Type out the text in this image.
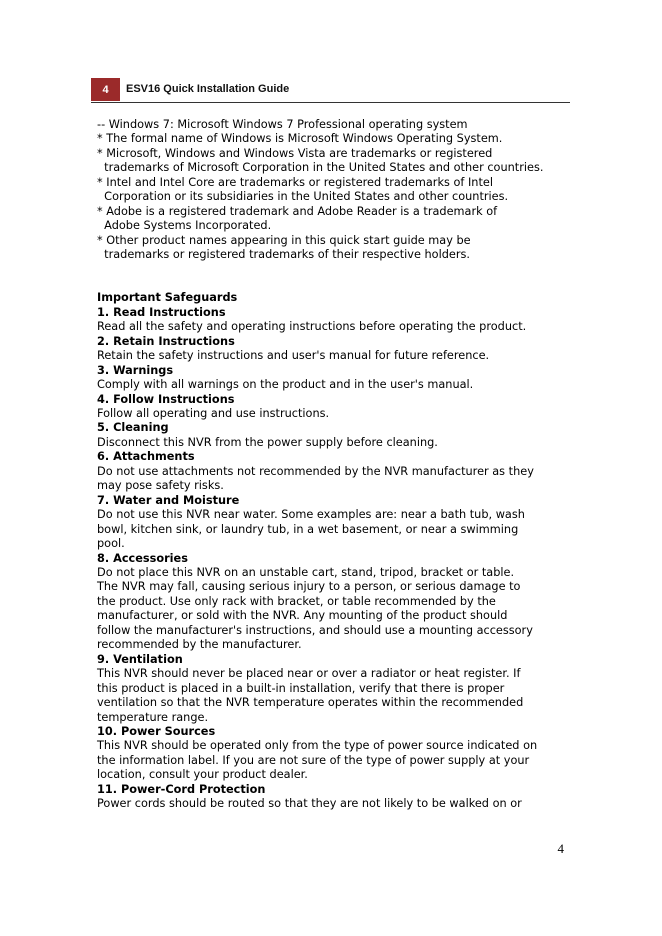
4	ESV16 Quick Installation Guide
-- Windows 7: Microsoft Windows 7 Professional operating system
* The formal name of Windows is Microsoft Windows Operating System.
* Microsoft, Windows and Windows Vista are trademarks or registered
trademarks of Microsoft Corporation in the United States and other countries.
* Intel and Intel Core are trademarks or registered trademarks of Intel
Corporation or its subsidiaries in the United States and other countries.
* Adobe is a registered trademark and Adobe Reader is a trademark of
Adobe Systems Incorporated.
* Other product names appearing in this quick start guide may be
trademarks or registered trademarks of their respective holders.
Important Safeguards
1. Read Instructions
Read all the safety and operating instructions before operating the product.
2. Retain Instructions
Retain the safety instructions and user's manual for future reference.
3. Warnings
Comply with all warnings on the product and in the user's manual.
4. Follow Instructions
Follow all operating and use instructions.
5. Cleaning
Disconnect this NVR from the power supply before cleaning.
6. Attachments
Do not use attachments not recommended by the NVR manufacturer as they
may pose safety risks.
7. Water and Moisture
Do not use this NVR near water. Some examples are: near a bath tub, wash
bowl, kitchen sink, or laundry tub, in a wet basement, or near a swimming
pool.
8. Accessories
Do not place this NVR on an unstable cart, stand, tripod, bracket or table.
The NVR may fall, causing serious injury to a person, or serious damage to
the product. Use only rack with bracket, or table recommended by the
manufacturer, or sold with the NVR. Any mounting of the product should
follow the manufacturer's instructions, and should use a mounting accessory
recommended by the manufacturer.
9. Ventilation
This NVR should never be placed near or over a radiator or heat register. If
this product is placed in a built-in installation, verify that there is proper
ventilation so that the NVR temperature operates within the recommended
temperature range.
10. Power Sources
This NVR should be operated only from the type of power source indicated on
the information label. If you are not sure of the type of power supply at your
location, consult your product dealer.
11. Power-Cord Protection
Power cords should be routed so that they are not likely to be walked on or
4
